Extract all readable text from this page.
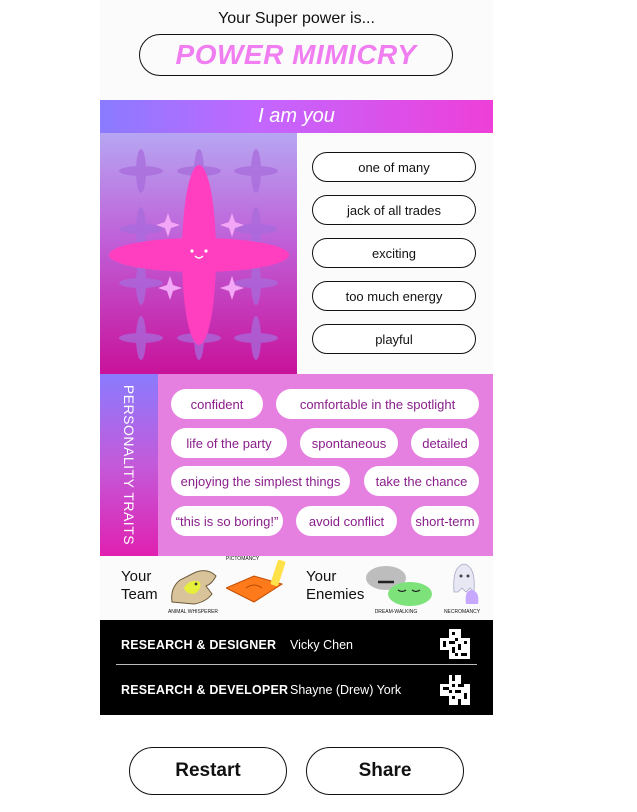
Your Super power is...
POWER MIMICRY
I am you
one of many
jack of all trades
exciting
too much energy
playful
PERSONALITY TRAITS	confident	comfortable in the spotlight
life of the party	spontaneous	detailed
enjoying the simplest things	take the chance
“this is so boring!”	avoid conflict	short-term
Your
Team
ANIMAL WHISPERER
PICTOMANCY
Your
Enemies
DREAM-WALKING	NECROMANCY
RESEARCH & DESIGNER Vicky Chen
RESEARCH & DEVELOPER Shayne (Drew) York
Restart	Share
